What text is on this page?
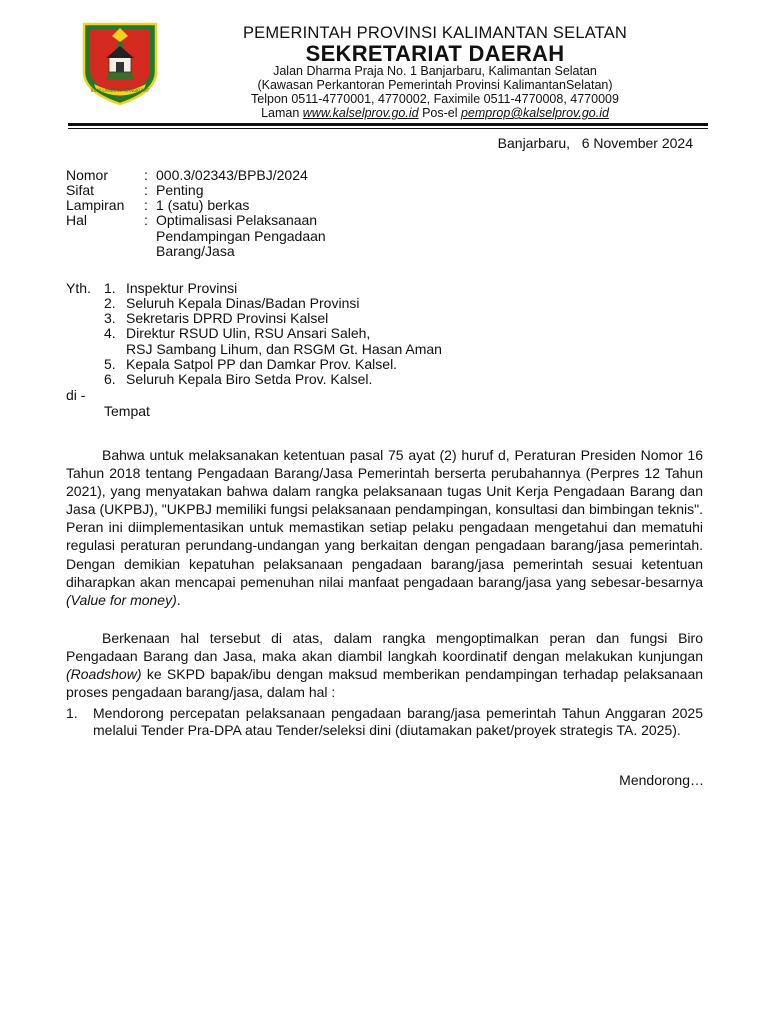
BUMI LAMBUNG MANGKURAT
PEMERINTAH PROVINSI KALIMANTAN SELATAN
SEKRETARIAT DAERAH
Jalan Dharma Praja No. 1 Banjarbaru, Kalimantan Selatan
(Kawasan Perkantoran Pemerintah Provinsi KalimantanSelatan)
Telpon 0511-4770001, 4770002, Faximile 0511-4770008, 4770009
Laman www.kalselprov.go.id Pos-el pemprop@kalselprov.go.id
Banjarbaru,   6 November 2024
Nomor	: 000.3/02343/BPBJ/2024
Sifat	: Penting
Lampiran : 1 (satu) berkas
Hal	: Optimalisasi Pelaksanaan
Pendampingan Pengadaan
Barang/Jasa
Yth. 1. Inspektur Provinsi
2. Seluruh Kepala Dinas/Badan Provinsi
3. Sekretaris DPRD Provinsi Kalsel
4. Direktur RSUD Ulin, RSU Ansari Saleh,
RSJ Sambang Lihum, dan RSGM Gt. Hasan Aman
5. Kepala Satpol PP dan Damkar Prov. Kalsel.
6. Seluruh Kepala Biro Setda Prov. Kalsel.
di -
Tempat

Bahwa untuk melaksanakan ketentuan pasal 75 ayat (2) huruf d, Peraturan Presiden Nomor 16 Tahun 2018 tentang Pengadaan Barang/Jasa Pemerintah berserta perubahannya (Perpres 12 Tahun 2021), yang menyatakan bahwa dalam rangka pelaksanaan tugas Unit Kerja Pengadaan Barang dan Jasa (UKPBJ), "UKPBJ memiliki fungsi pelaksanaan pendampingan, konsultasi dan bimbingan teknis". Peran ini diimplementasikan untuk memastikan setiap pelaku pengadaan mengetahui dan mematuhi regulasi peraturan perundang-undangan yang berkaitan dengan pengadaan barang/jasa pemerintah. Dengan demikian kepatuhan pelaksanaan pengadaan barang/jasa pemerintah sesuai ketentuan diharapkan akan mencapai pemenuhan nilai manfaat pengadaan barang/jasa yang sebesar-besarnya (Value for money).

Berkenaan hal tersebut di atas, dalam rangka mengoptimalkan peran dan fungsi Biro Pengadaan Barang dan Jasa, maka akan diambil langkah koordinatif dengan melakukan kunjungan (Roadshow) ke SKPD bapak/ibu dengan maksud memberikan pendampingan terhadap pelaksanaan proses pengadaan barang/jasa, dalam hal :

1. Mendorong percepatan pelaksanaan pengadaan barang/jasa pemerintah Tahun Anggaran 2025 melalui Tender Pra-DPA atau Tender/seleksi dini (diutamakan paket/proyek strategis TA. 2025).
Mendorong…
